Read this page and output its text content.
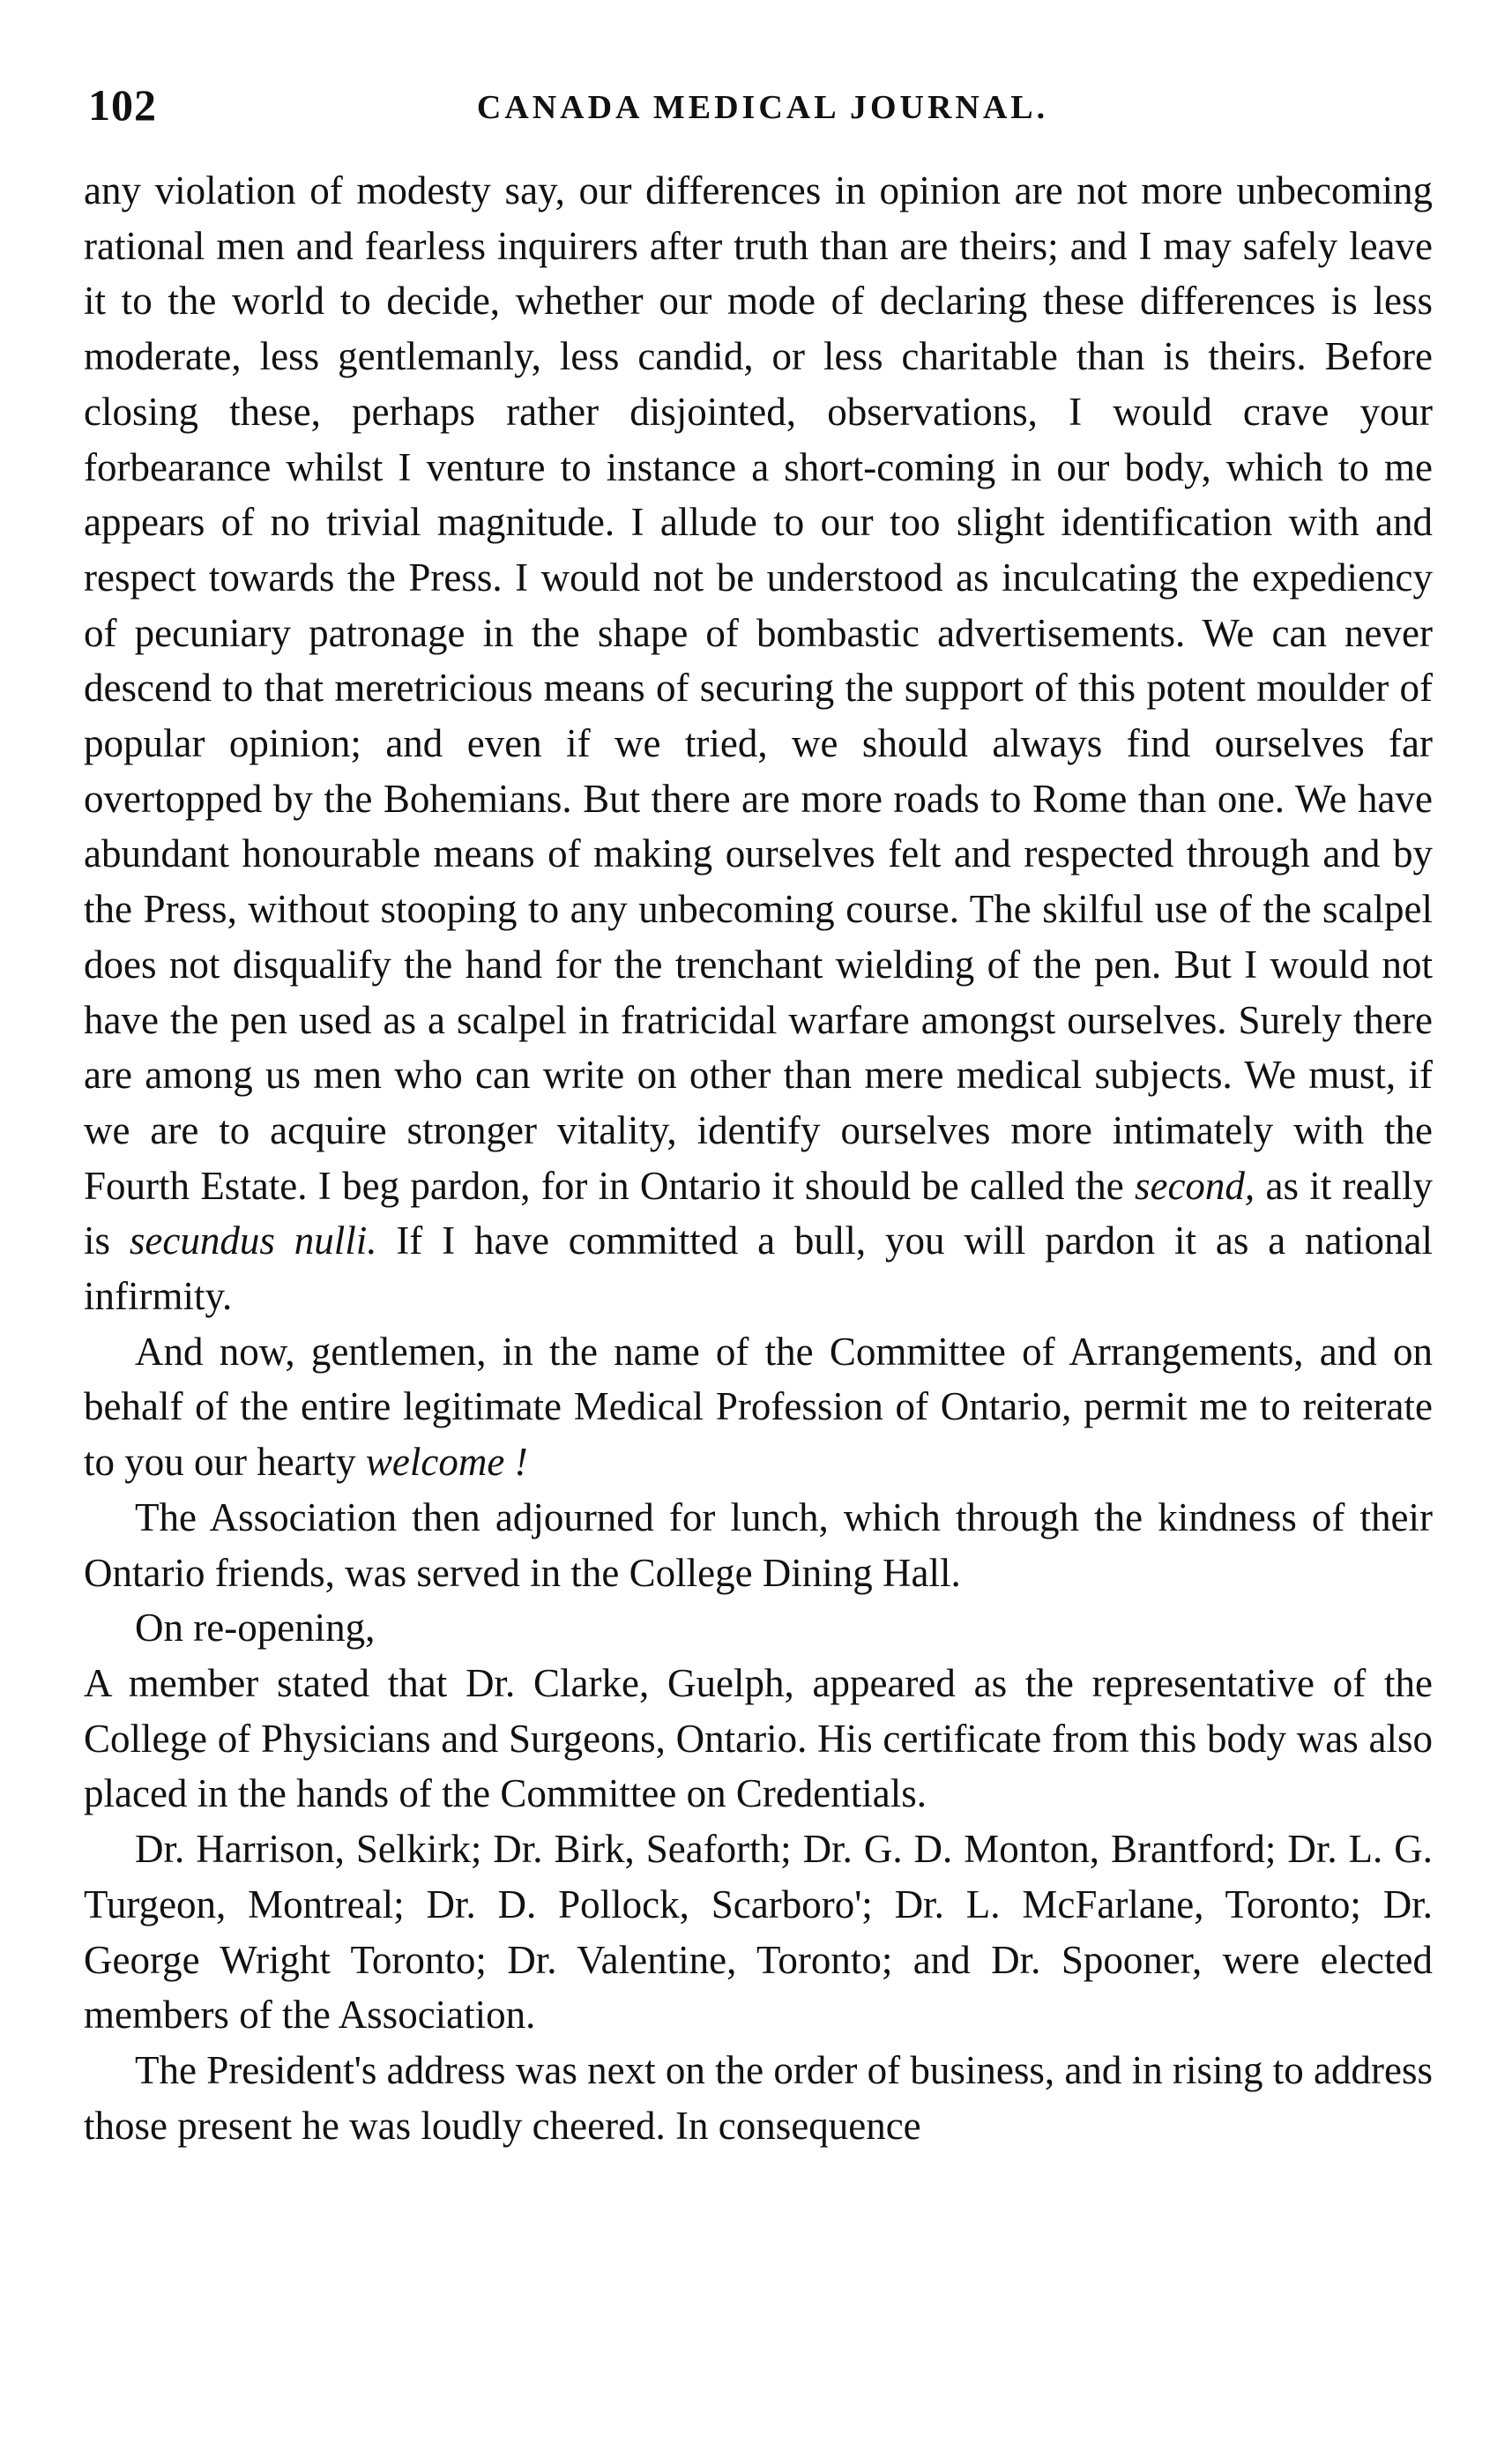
102	CANADA MEDICAL JOURNAL.

any violation of modesty say, our differences in opinion are not more unbecoming rational men and fearless inquirers after truth than are theirs; and I may safely leave it to the world to decide, whether our mode of declaring these differences is less moderate, less gentlemanly, less candid, or less charitable than is theirs. Before closing these, perhaps rather disjointed, observations, I would crave your forbearance whilst I venture to instance a short-coming in our body, which to me appears of no trivial magnitude. I allude to our too slight identification with and respect towards the Press. I would not be understood as inculcating the expediency of pecuniary patronage in the shape of bombastic advertisements. We can never descend to that meretricious means of securing the support of this potent moulder of popular opinion; and even if we tried, we should always find ourselves far overtopped by the Bohemians. But there are more roads to Rome than one. We have abundant honourable means of making ourselves felt and respected through and by the Press, without stooping to any unbecoming course. The skilful use of the scalpel does not disqualify the hand for the trenchant wielding of the pen. But I would not have the pen used as a scalpel in fratricidal warfare amongst ourselves. Surely there are among us men who can write on other than mere medical subjects. We must, if we are to acquire stronger vitality, identify ourselves more intimately with the Fourth Estate. I beg pardon, for in Ontario it should be called the second, as it really is secundus nulli. If I have committed a bull, you will pardon it as a national infirmity.

And now, gentlemen, in the name of the Committee of Arrangements, and on behalf of the entire legitimate Medical Profession of Ontario, permit me to reiterate to you our hearty welcome !

The Association then adjourned for lunch, which through the kindness of their Ontario friends, was served in the College Dining Hall.

On re-opening,

A member stated that Dr. Clarke, Guelph, appeared as the representative of the College of Physicians and Surgeons, Ontario. His certificate from this body was also placed in the hands of the Committee on Credentials.

Dr. Harrison, Selkirk; Dr. Birk, Seaforth; Dr. G. D. Monton, Brantford; Dr. L. G. Turgeon, Montreal; Dr. D. Pollock, Scarboro'; Dr. L. McFarlane, Toronto; Dr. George Wright Toronto; Dr. Valentine, Toronto; and Dr. Spooner, were elected members of the Association.

The President's address was next on the order of business, and in rising to address those present he was loudly cheered. In consequence
